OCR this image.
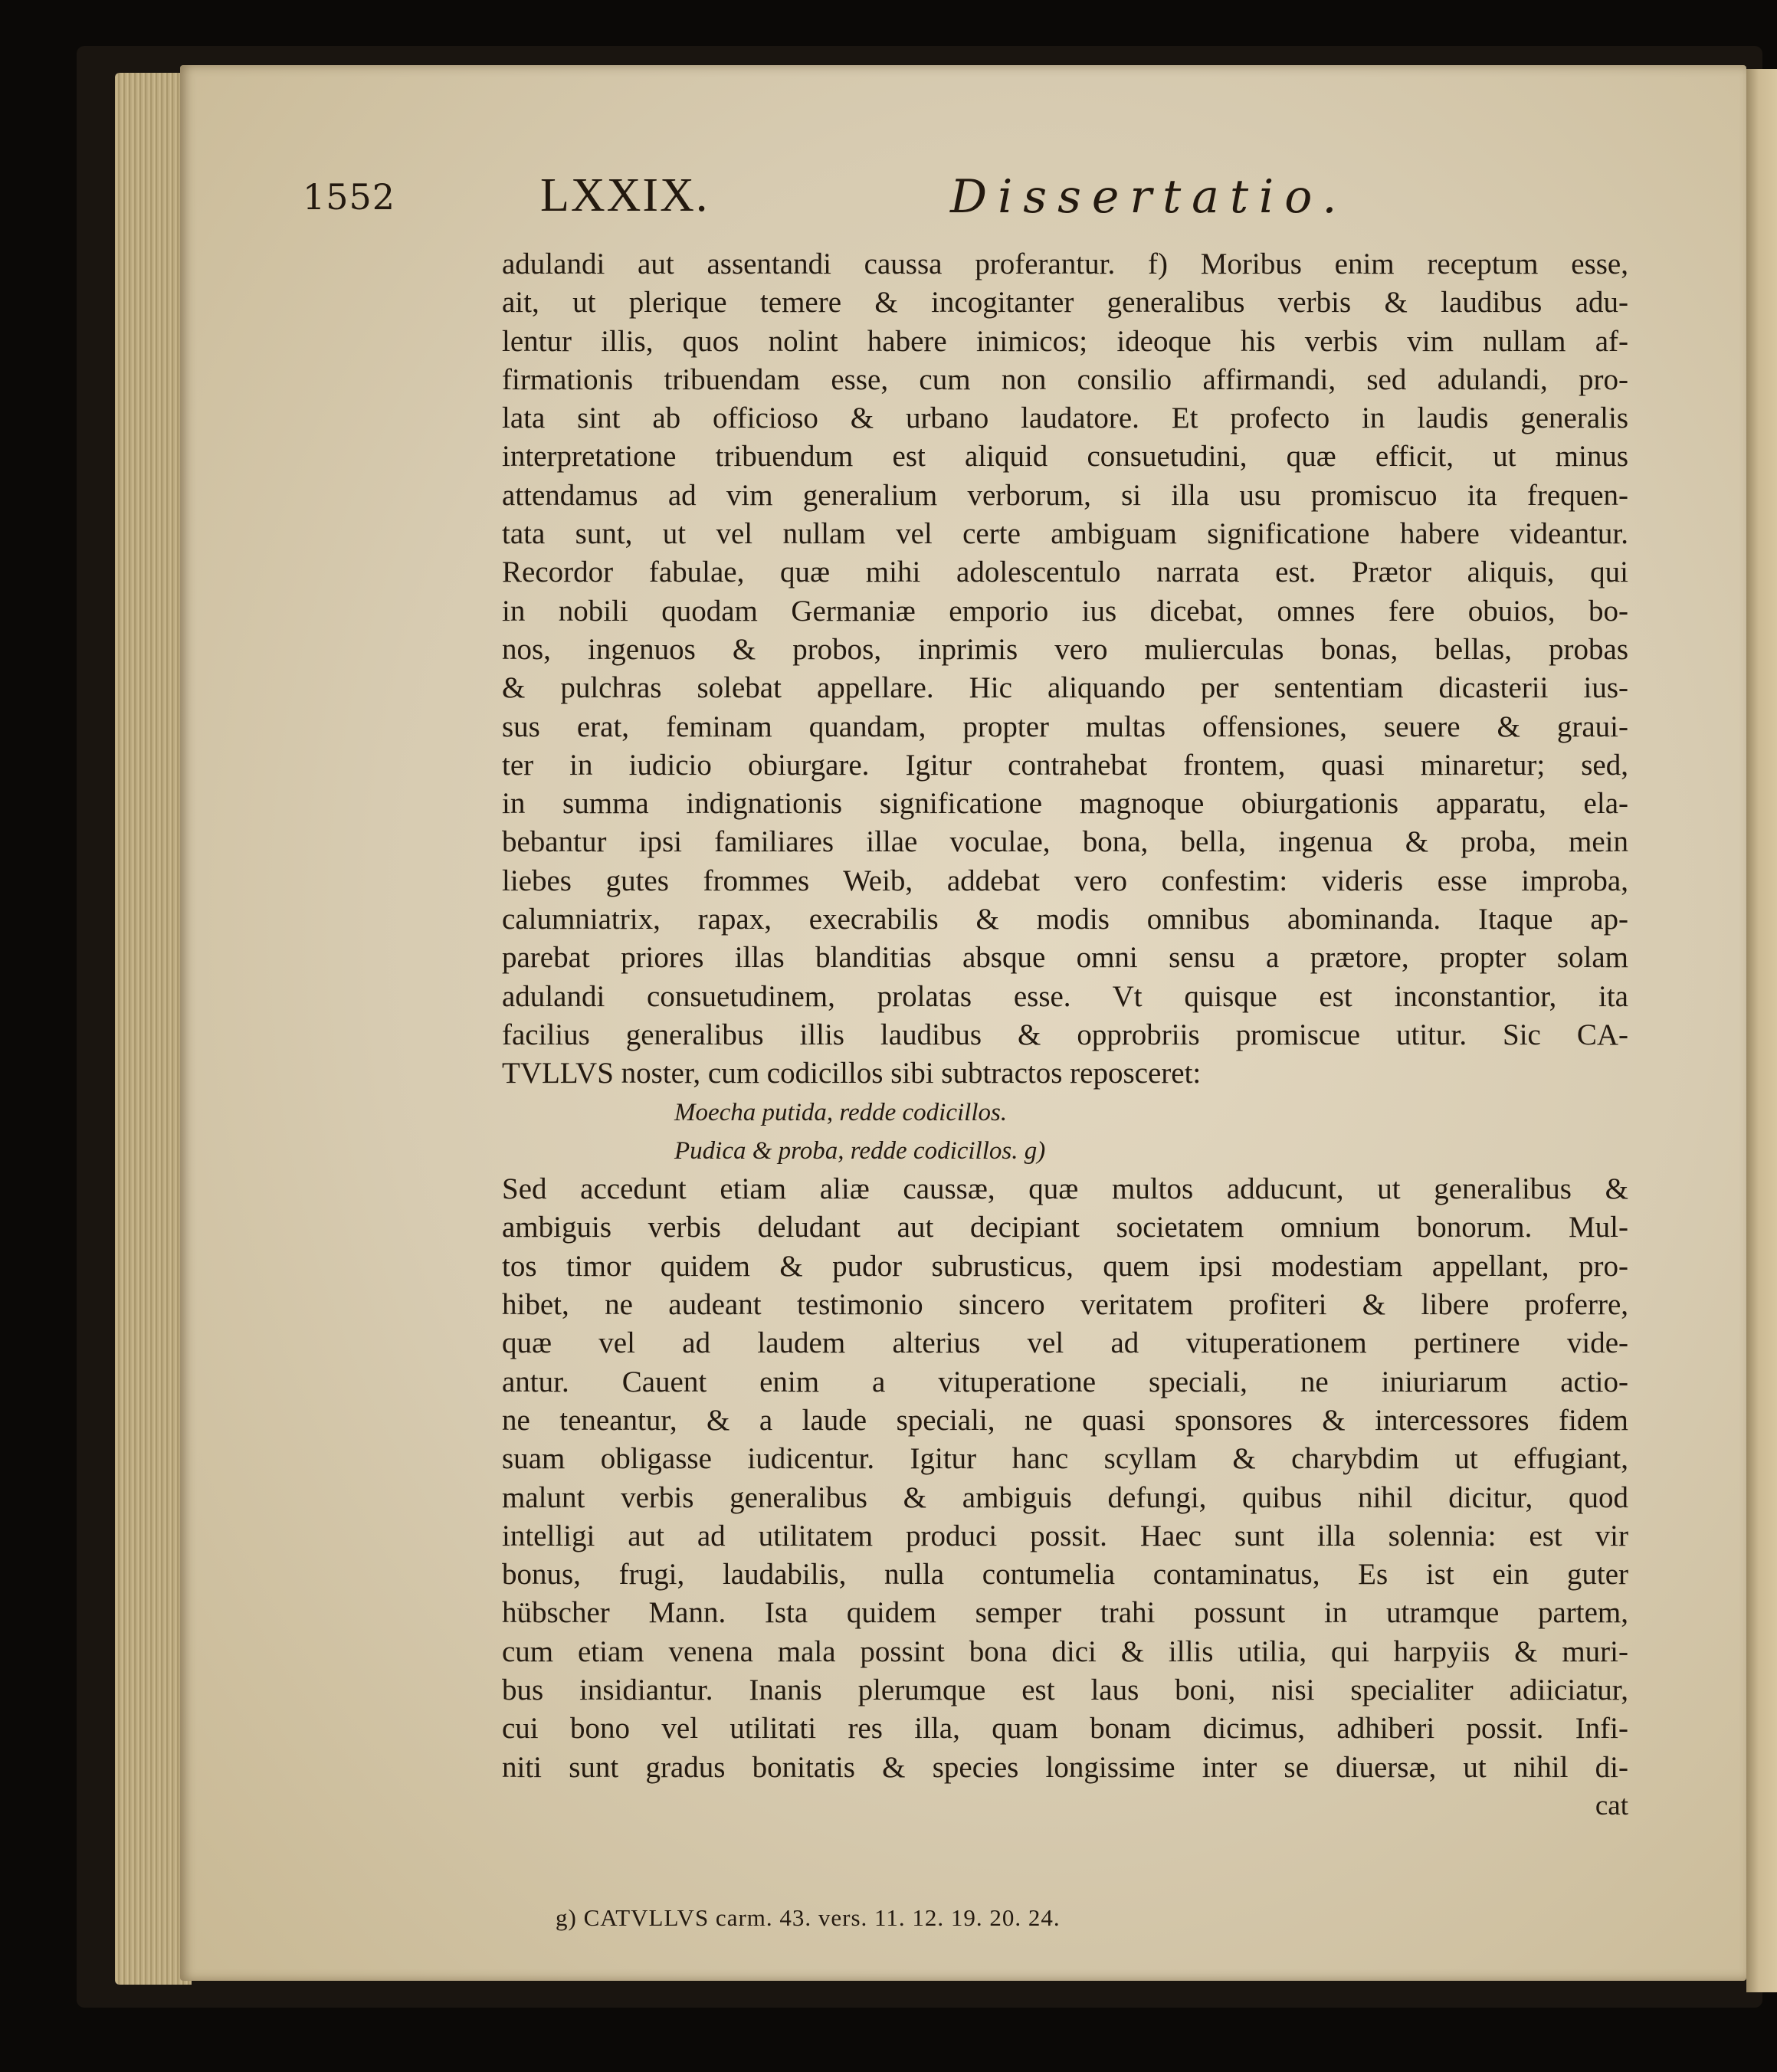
1552	LXXIX.	Dissertatio.
adulandi aut assentandi caussa proferantur. f) Moribus enim receptum esse,
ait, ut plerique temere & incogitanter generalibus verbis & laudibus adu-
lentur illis, quos nolint habere inimicos; ideoque his verbis vim nullam af-
firmationis tribuendam esse, cum non consilio affirmandi, sed adulandi, pro-
lata sint ab officioso & urbano laudatore. Et profecto in laudis generalis
interpretatione tribuendum est aliquid consuetudini, quæ efficit, ut minus
attendamus ad vim generalium verborum, si illa usu promiscuo ita frequen-
tata sunt, ut vel nullam vel certe ambiguam significatione habere videantur.
Recordor fabulae, quæ mihi adolescentulo narrata est. Prætor aliquis, qui
in nobili quodam Germaniæ emporio ius dicebat, omnes fere obuios, bo-
nos, ingenuos & probos, inprimis vero mulierculas bonas, bellas, probas
& pulchras solebat appellare. Hic aliquando per sententiam dicasterii ius-
sus erat, feminam quandam, propter multas offensiones, seuere & graui-
ter in iudicio obiurgare. Igitur contrahebat frontem, quasi minaretur; sed,
in summa indignationis significatione magnoque obiurgationis apparatu, ela-
bebantur ipsi familiares illae voculae, bona, bella, ingenua & proba, mein
liebes gutes frommes Weib, addebat vero confestim: videris esse improba,
calumniatrix, rapax, execrabilis & modis omnibus abominanda. Itaque ap-
parebat priores illas blanditias absque omni sensu a prætore, propter solam
adulandi consuetudinem, prolatas esse. Vt quisque est inconstantior, ita
facilius generalibus illis laudibus & opprobriis promiscue utitur. Sic CA-
TVLLVS noster, cum codicillos sibi subtractos reposceret:
Moecha putida, redde codicillos.
Pudica & proba, redde codicillos. g)
Sed accedunt etiam aliæ caussæ, quæ multos adducunt, ut generalibus &
ambiguis verbis deludant aut decipiant societatem omnium bonorum. Mul-
tos timor quidem & pudor subrusticus, quem ipsi modestiam appellant, pro-
hibet, ne audeant testimonio sincero veritatem profiteri & libere proferre,
quæ vel ad laudem alterius vel ad vituperationem pertinere vide-
antur. Cauent enim a vituperatione speciali, ne iniuriarum actio-
ne teneantur, & a laude speciali, ne quasi sponsores & intercessores fidem
suam obligasse iudicentur. Igitur hanc scyllam & charybdim ut effugiant,
malunt verbis generalibus & ambiguis defungi, quibus nihil dicitur, quod
intelligi aut ad utilitatem produci possit. Haec sunt illa solennia: est vir
bonus, frugi, laudabilis, nulla contumelia contaminatus, Es ist ein guter
hübscher Mann. Ista quidem semper trahi possunt in utramque partem,
cum etiam venena mala possint bona dici & illis utilia, qui harpyiis & muri-
bus insidiantur. Inanis plerumque est laus boni, nisi specialiter adiiciatur,
cui bono vel utilitati res illa, quam bonam dicimus, adhiberi possit. Infi-
niti sunt gradus bonitatis & species longissime inter se diuersæ, ut nihil di-
cat
g) CATVLLVS carm. 43. vers. 11. 12. 19. 20. 24.
